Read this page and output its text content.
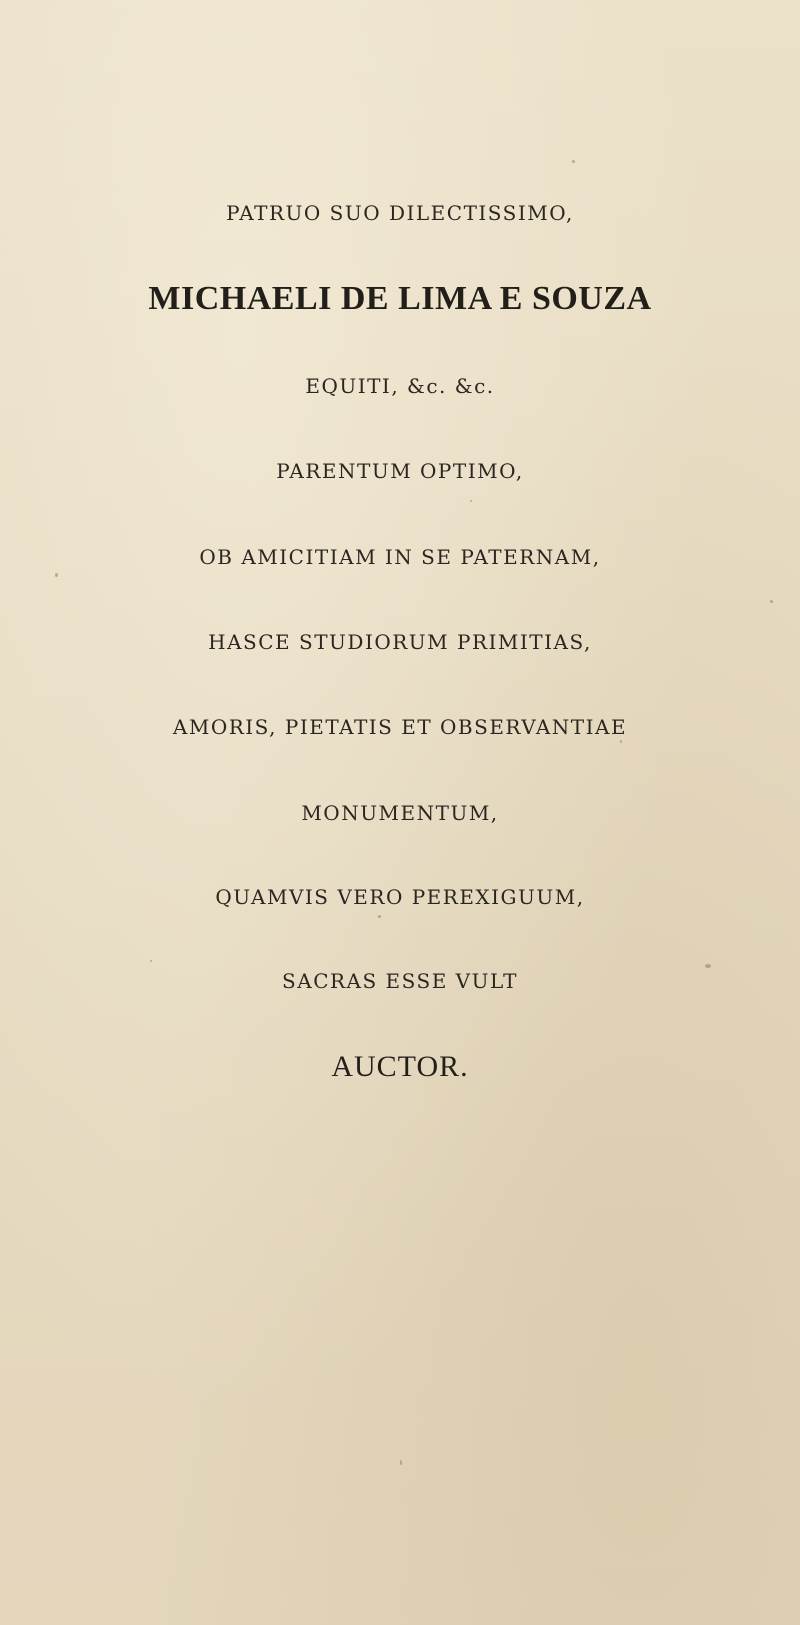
PATRUO SUO DILECTISSIMO,
MICHAELI DE LIMA E SOUZA
EQUITI, &c. &c.
PARENTUM OPTIMO,
OB AMICITIAM IN SE PATERNAM,
HASCE STUDIORUM PRIMITIAS,
AMORIS, PIETATIS ET OBSERVANTIAE
MONUMENTUM,
QUAMVIS VERO PEREXIGUUM,
SACRAS ESSE VULT
AUCTOR.
